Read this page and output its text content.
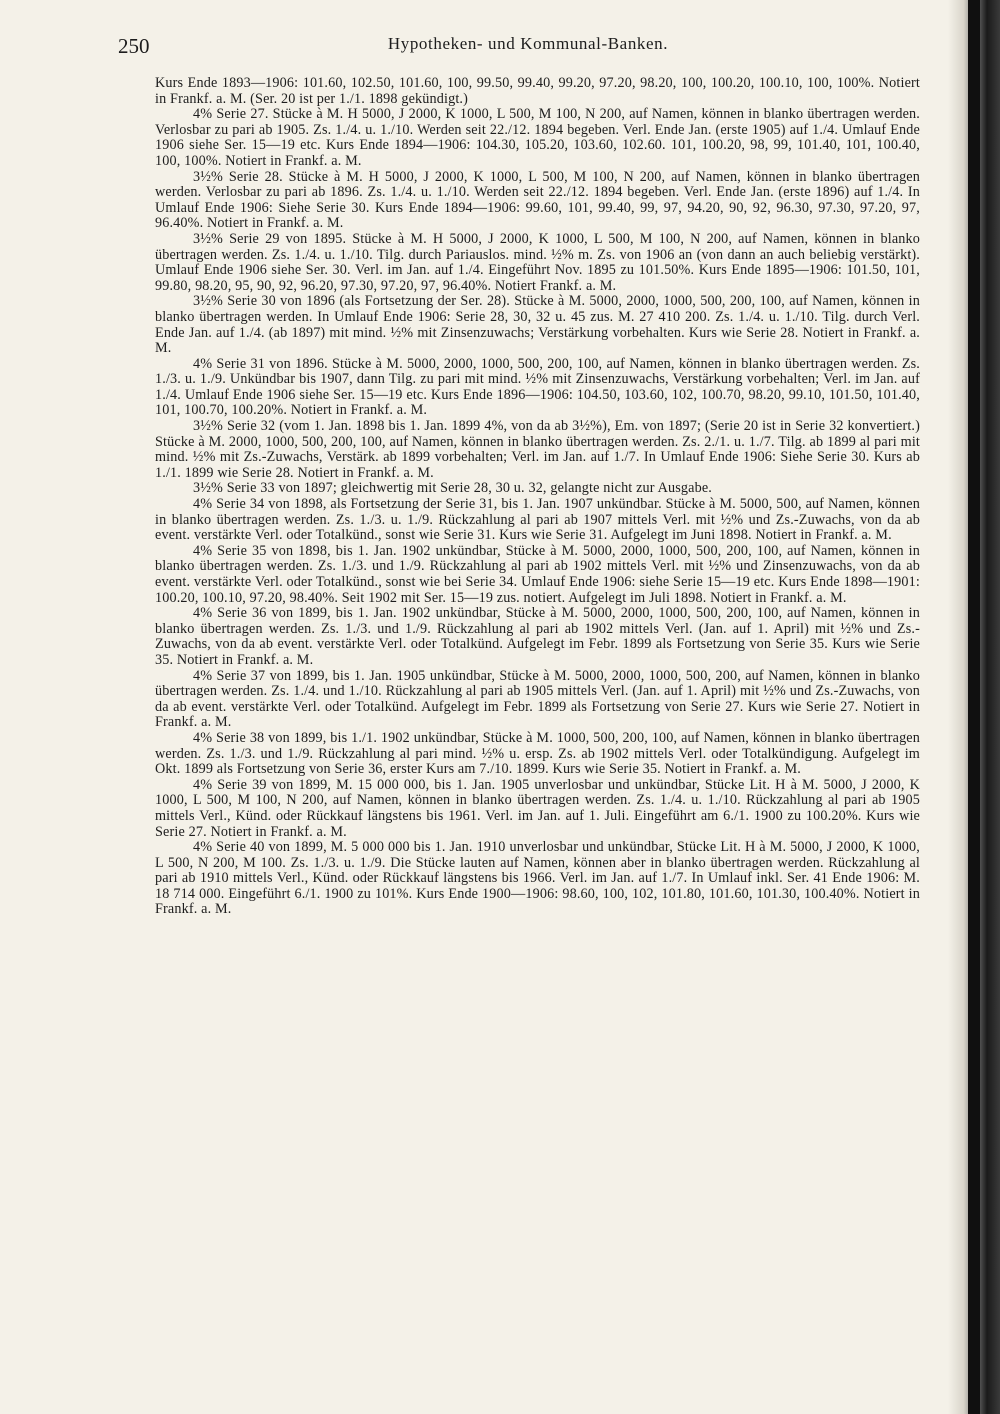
250	Hypotheken- und Kommunal-Banken.

Kurs Ende 1893—1906: 101.60, 102.50, 101.60, 100, 99.50, 99.40, 99.20, 97.20, 98.20, 100, 100.20, 100.10, 100, 100%. Notiert in Frankf. a. M. (Ser. 20 ist per 1./1. 1898 gekündigt.)

4% Serie 27. Stücke à M. H 5000, J 2000, K 1000, L 500, M 100, N 200, auf Namen, können in blanko übertragen werden. Verlosbar zu pari ab 1905. Zs. 1./4. u. 1./10. Werden seit 22./12. 1894 begeben. Verl. Ende Jan. (erste 1905) auf 1./4. Umlauf Ende 1906 siehe Ser. 15—19 etc. Kurs Ende 1894—1906: 104.30, 105.20, 103.60, 102.60. 101, 100.20, 98, 99, 101.40, 101, 100.40, 100, 100%. Notiert in Frankf. a. M.

3½% Serie 28. Stücke à M. H 5000, J 2000, K 1000, L 500, M 100, N 200, auf Namen, können in blanko übertragen werden. Verlosbar zu pari ab 1896. Zs. 1./4. u. 1./10. Werden seit 22./12. 1894 begeben. Verl. Ende Jan. (erste 1896) auf 1./4. In Umlauf Ende 1906: Siehe Serie 30. Kurs Ende 1894—1906: 99.60, 101, 99.40, 99, 97, 94.20, 90, 92, 96.30, 97.30, 97.20, 97, 96.40%. Notiert in Frankf. a. M.

3½% Serie 29 von 1895. Stücke à M. H 5000, J 2000, K 1000, L 500, M 100, N 200, auf Namen, können in blanko übertragen werden. Zs. 1./4. u. 1./10. Tilg. durch Pariauslos. mind. ½% m. Zs. von 1906 an (von dann an auch beliebig verstärkt). Umlauf Ende 1906 siehe Ser. 30. Verl. im Jan. auf 1./4. Eingeführt Nov. 1895 zu 101.50%. Kurs Ende 1895—1906: 101.50, 101, 99.80, 98.20, 95, 90, 92, 96.20, 97.30, 97.20, 97, 96.40%. Notiert Frankf. a. M.

3½% Serie 30 von 1896 (als Fortsetzung der Ser. 28). Stücke à M. 5000, 2000, 1000, 500, 200, 100, auf Namen, können in blanko übertragen werden. In Umlauf Ende 1906: Serie 28, 30, 32 u. 45 zus. M. 27 410 200. Zs. 1./4. u. 1./10. Tilg. durch Verl. Ende Jan. auf 1./4. (ab 1897) mit mind. ½% mit Zinsenzuwachs; Verstärkung vorbehalten. Kurs wie Serie 28. Notiert in Frankf. a. M.

4% Serie 31 von 1896. Stücke à M. 5000, 2000, 1000, 500, 200, 100, auf Namen, können in blanko übertragen werden. Zs. 1./3. u. 1./9. Unkündbar bis 1907, dann Tilg. zu pari mit mind. ½% mit Zinsenzuwachs, Verstärkung vorbehalten; Verl. im Jan. auf 1./4. Umlauf Ende 1906 siehe Ser. 15—19 etc. Kurs Ende 1896—1906: 104.50, 103.60, 102, 100.70, 98.20, 99.10, 101.50, 101.40, 101, 100.70, 100.20%. Notiert in Frankf. a. M.

3½% Serie 32 (vom 1. Jan. 1898 bis 1. Jan. 1899 4%, von da ab 3½%), Em. von 1897; (Serie 20 ist in Serie 32 konvertiert.) Stücke à M. 2000, 1000, 500, 200, 100, auf Namen, können in blanko übertragen werden. Zs. 2./1. u. 1./7. Tilg. ab 1899 al pari mit mind. ½% mit Zs.-Zuwachs, Verstärk. ab 1899 vorbehalten; Verl. im Jan. auf 1./7. In Umlauf Ende 1906: Siehe Serie 30. Kurs ab 1./1. 1899 wie Serie 28. Notiert in Frankf. a. M.

3½% Serie 33 von 1897; gleichwertig mit Serie 28, 30 u. 32, gelangte nicht zur Ausgabe.

4% Serie 34 von 1898, als Fortsetzung der Serie 31, bis 1. Jan. 1907 unkündbar. Stücke à M. 5000, 500, auf Namen, können in blanko übertragen werden. Zs. 1./3. u. 1./9. Rückzahlung al pari ab 1907 mittels Verl. mit ½% und Zs.-Zuwachs, von da ab event. verstärkte Verl. oder Totalkünd., sonst wie Serie 31. Kurs wie Serie 31. Aufgelegt im Juni 1898. Notiert in Frankf. a. M.

4% Serie 35 von 1898, bis 1. Jan. 1902 unkündbar, Stücke à M. 5000, 2000, 1000, 500, 200, 100, auf Namen, können in blanko übertragen werden. Zs. 1./3. und 1./9. Rückzahlung al pari ab 1902 mittels Verl. mit ½% und Zinsenzuwachs, von da ab event. verstärkte Verl. oder Totalkünd., sonst wie bei Serie 34. Umlauf Ende 1906: siehe Serie 15—19 etc. Kurs Ende 1898—1901: 100.20, 100.10, 97.20, 98.40%. Seit 1902 mit Ser. 15—19 zus. notiert. Aufgelegt im Juli 1898. Notiert in Frankf. a. M.

4% Serie 36 von 1899, bis 1. Jan. 1902 unkündbar, Stücke à M. 5000, 2000, 1000, 500, 200, 100, auf Namen, können in blanko übertragen werden. Zs. 1./3. und 1./9. Rückzahlung al pari ab 1902 mittels Verl. (Jan. auf 1. April) mit ½% und Zs.-Zuwachs, von da ab event. verstärkte Verl. oder Totalkünd. Aufgelegt im Febr. 1899 als Fortsetzung von Serie 35. Kurs wie Serie 35. Notiert in Frankf. a. M.

4% Serie 37 von 1899, bis 1. Jan. 1905 unkündbar, Stücke à M. 5000, 2000, 1000, 500, 200, auf Namen, können in blanko übertragen werden. Zs. 1./4. und 1./10. Rückzahlung al pari ab 1905 mittels Verl. (Jan. auf 1. April) mit ½% und Zs.-Zuwachs, von da ab event. verstärkte Verl. oder Totalkünd. Aufgelegt im Febr. 1899 als Fortsetzung von Serie 27. Kurs wie Serie 27. Notiert in Frankf. a. M.

4% Serie 38 von 1899, bis 1./1. 1902 unkündbar, Stücke à M. 1000, 500, 200, 100, auf Namen, können in blanko übertragen werden. Zs. 1./3. und 1./9. Rückzahlung al pari mind. ½% u. ersp. Zs. ab 1902 mittels Verl. oder Totalkündigung. Aufgelegt im Okt. 1899 als Fortsetzung von Serie 36, erster Kurs am 7./10. 1899. Kurs wie Serie 35. Notiert in Frankf. a. M.

4% Serie 39 von 1899, M. 15 000 000, bis 1. Jan. 1905 unverlosbar und unkündbar, Stücke Lit. H à M. 5000, J 2000, K 1000, L 500, M 100, N 200, auf Namen, können in blanko übertragen werden. Zs. 1./4. u. 1./10. Rückzahlung al pari ab 1905 mittels Verl., Künd. oder Rückkauf längstens bis 1961. Verl. im Jan. auf 1. Juli. Eingeführt am 6./1. 1900 zu 100.20%. Kurs wie Serie 27. Notiert in Frankf. a. M.

4% Serie 40 von 1899, M. 5 000 000 bis 1. Jan. 1910 unverlosbar und unkündbar, Stücke Lit. H à M. 5000, J 2000, K 1000, L 500, N 200, M 100. Zs. 1./3. u. 1./9. Die Stücke lauten auf Namen, können aber in blanko übertragen werden. Rückzahlung al pari ab 1910 mittels Verl., Künd. oder Rückkauf längstens bis 1966. Verl. im Jan. auf 1./7. In Umlauf inkl. Ser. 41 Ende 1906: M. 18 714 000. Eingeführt 6./1. 1900 zu 101%. Kurs Ende 1900—1906: 98.60, 100, 102, 101.80, 101.60, 101.30, 100.40%. Notiert in Frankf. a. M.
